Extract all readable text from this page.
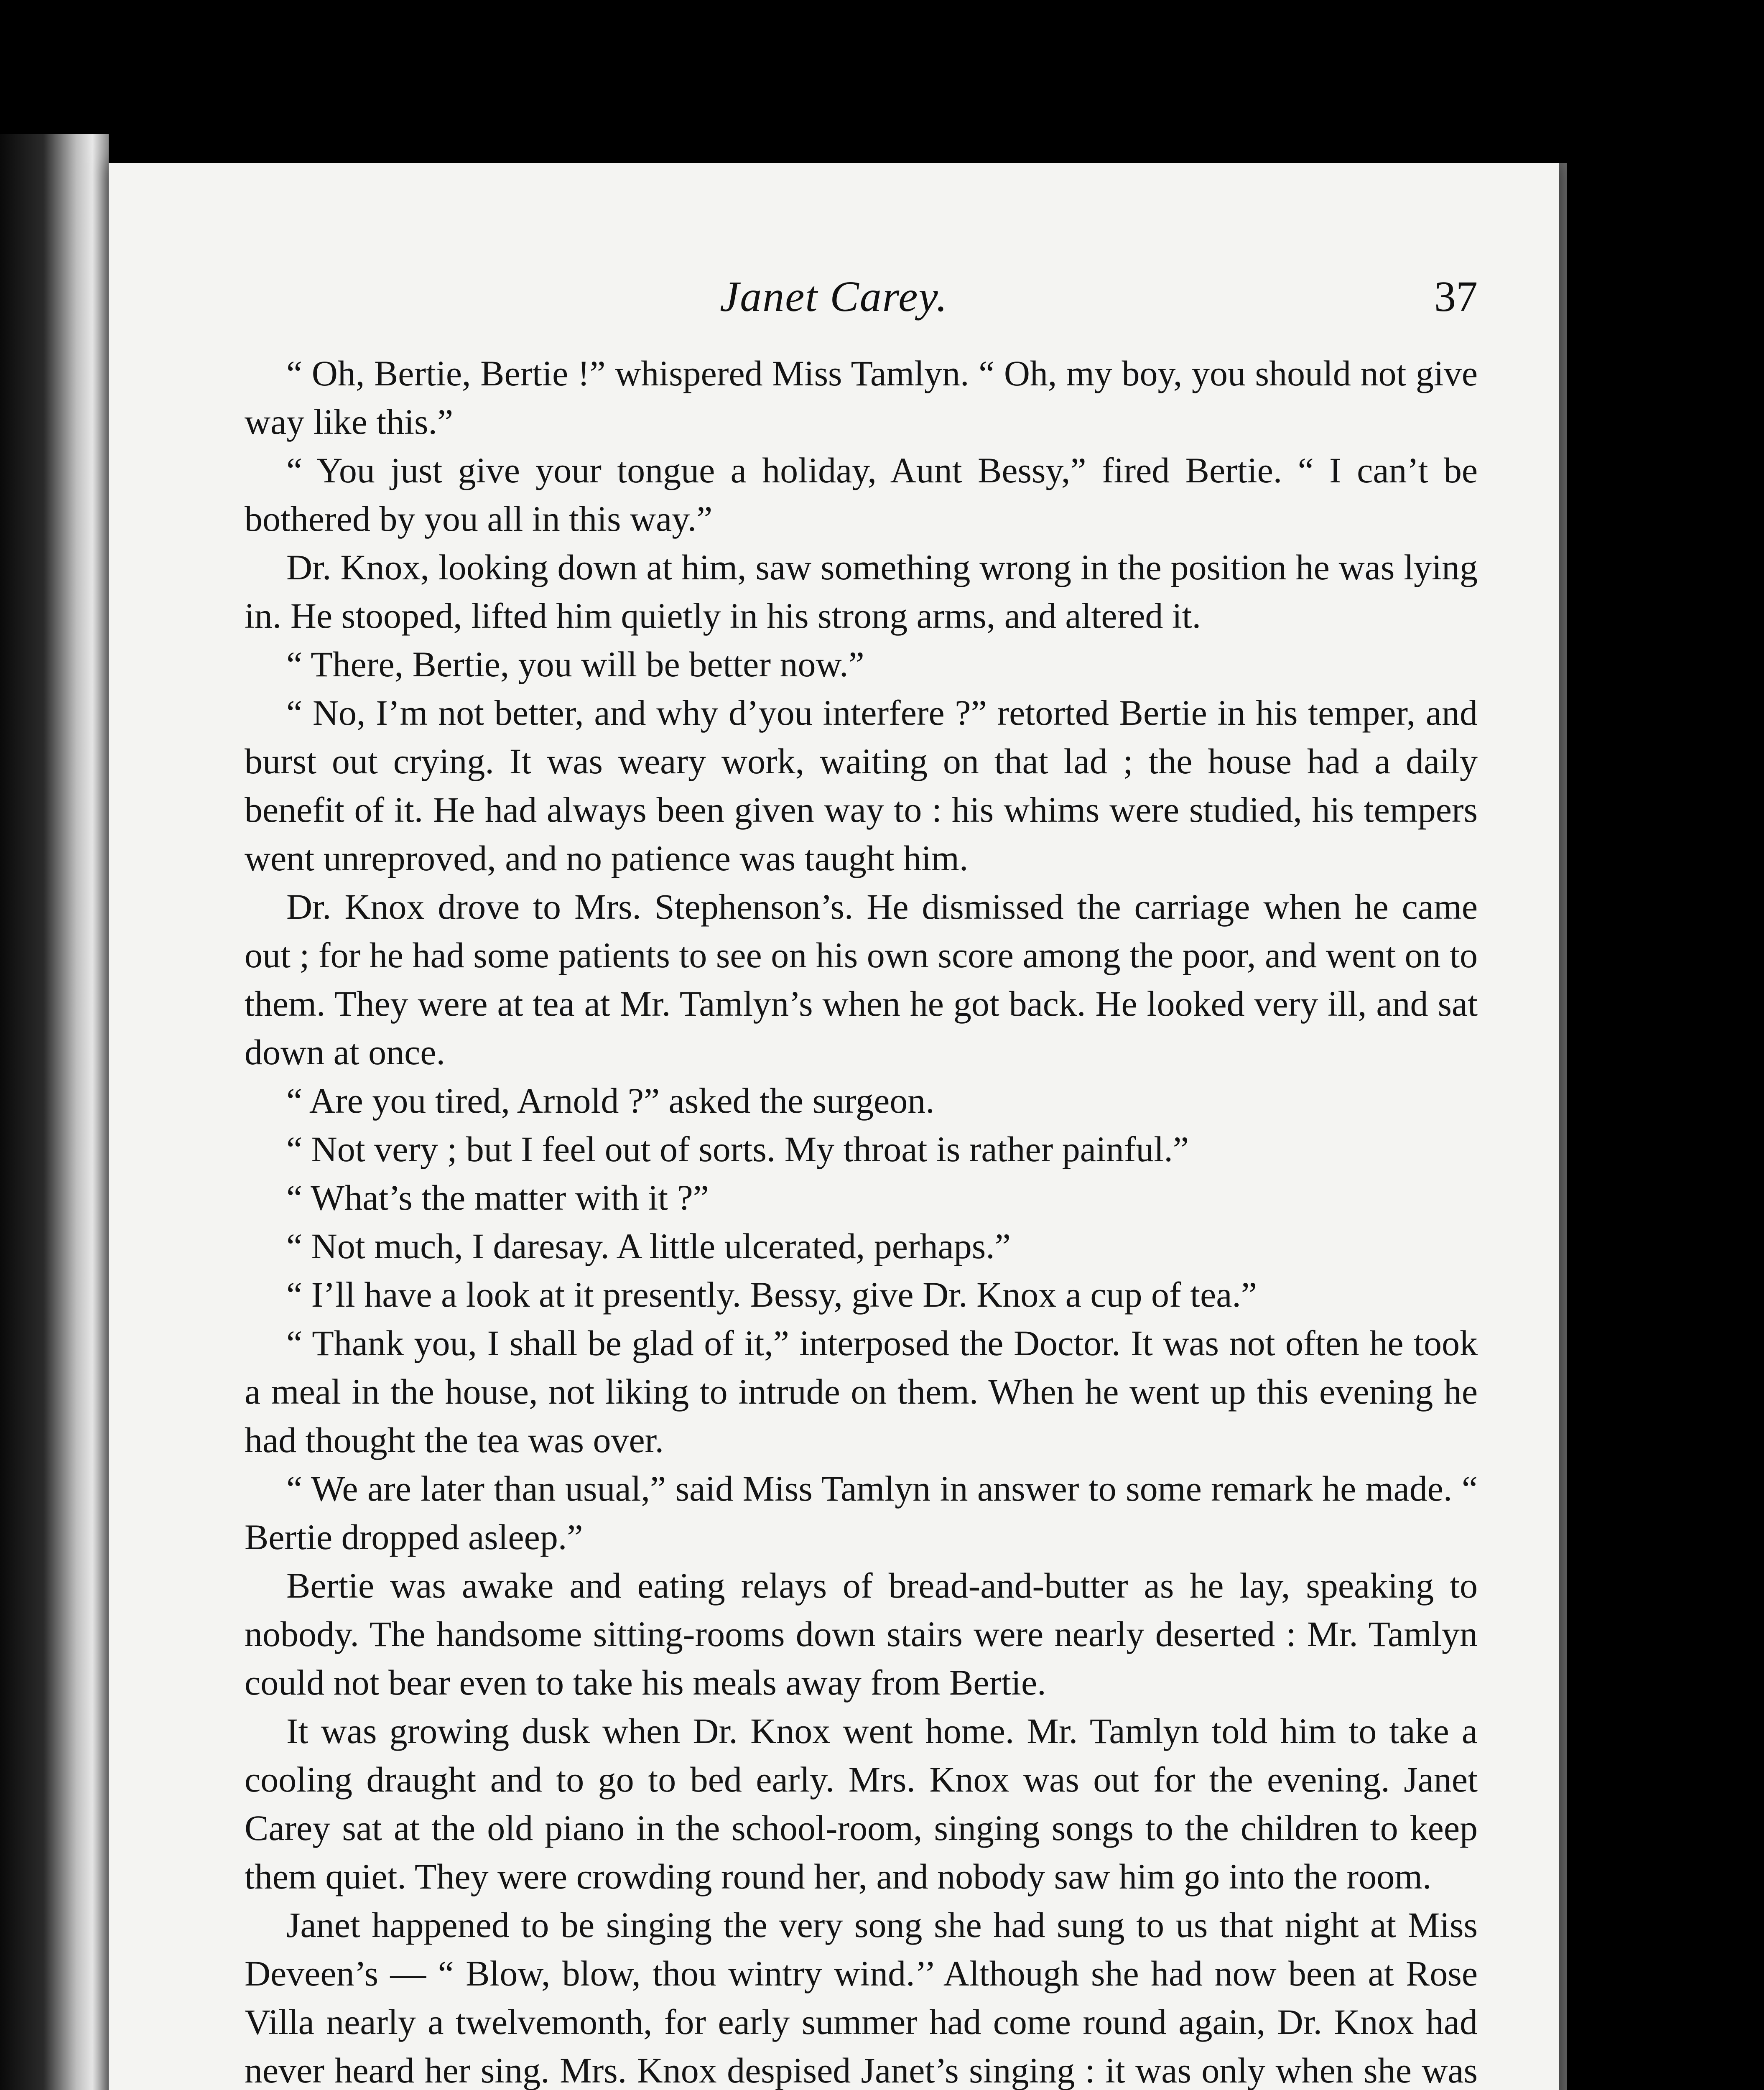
Janet Carey.	37

“ Oh, Bertie, Bertie !” whispered Miss Tamlyn. “ Oh, my boy, you should not give way like this.”

“ You just give your tongue a holiday, Aunt Bessy,” fired Bertie. “ I can’t be bothered by you all in this way.”

Dr. Knox, looking down at him, saw something wrong in the position he was lying in. He stooped, lifted him quietly in his strong arms, and altered it.

“ There, Bertie, you will be better now.”

“ No, I’m not better, and why d’you interfere ?” retorted Bertie in his temper, and burst out crying. It was weary work, waiting on that lad ; the house had a daily benefit of it. He had always been given way to : his whims were studied, his tempers went unreproved, and no patience was taught him.

Dr. Knox drove to Mrs. Stephenson’s. He dismissed the carriage when he came out ; for he had some patients to see on his own score among the poor, and went on to them. They were at tea at Mr. Tamlyn’s when he got back. He looked very ill, and sat down at once.

“ Are you tired, Arnold ?” asked the surgeon.

“ Not very ; but I feel out of sorts. My throat is rather painful.”

“ What’s the matter with it ?”

“ Not much, I daresay. A little ulcerated, perhaps.”

“ I’ll have a look at it presently. Bessy, give Dr. Knox a cup of tea.”

“ Thank you, I shall be glad of it,” interposed the Doctor. It was not often he took a meal in the house, not liking to intrude on them. When he went up this evening he had thought the tea was over.

“ We are later than usual,” said Miss Tamlyn in answer to some remark he made. “ Bertie dropped asleep.”

Bertie was awake and eating relays of bread-and-butter as he lay, speaking to nobody. The handsome sitting-rooms down stairs were nearly deserted : Mr. Tamlyn could not bear even to take his meals away from Bertie.

It was growing dusk when Dr. Knox went home. Mr. Tamlyn told him to take a cooling draught and to go to bed early. Mrs. Knox was out for the evening. Janet Carey sat at the old piano in the school-room, singing songs to the children to keep them quiet. They were crowding round her, and nobody saw him go into the room.

Janet happened to be singing the very song she had sung to us that night at Miss Deveen’s — “ Blow, blow, thou wintry wind.’’ Although she had now been at Rose Villa nearly a twelvemonth, for early summer had come round again, Dr. Knox had never heard her sing. Mrs. Knox despised Janet’s singing : it was only when she was
